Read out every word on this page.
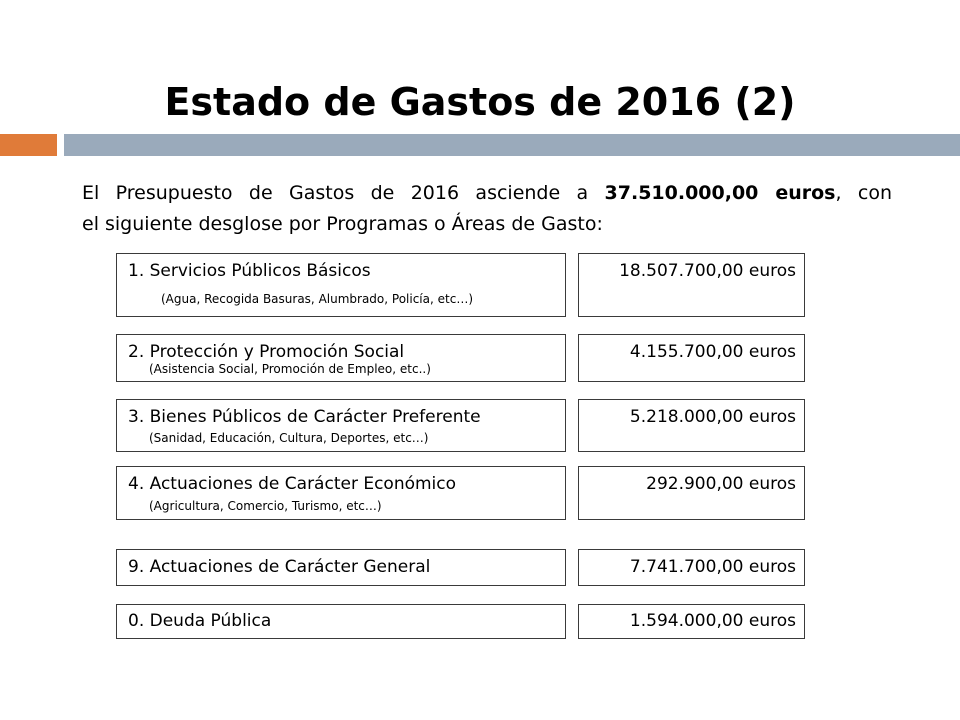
Estado de Gastos de 2016 (2)
El Presupuesto de Gastos de 2016 asciende a 37.510.000,00 euros, con
el siguiente desglose por Programas o Áreas de Gasto:
1. Servicios Públicos Básicos
(Agua, Recogida Basuras, Alumbrado, Policía, etc…)
18.507.700,00 euros
2. Protección y Promoción Social
(Asistencia Social, Promoción de Empleo, etc..)
4.155.700,00 euros
3. Bienes Públicos de Carácter Preferente
(Sanidad, Educación, Cultura, Deportes, etc…)
5.218.000,00 euros
4. Actuaciones de Carácter Económico
(Agricultura, Comercio, Turismo, etc…)
292.900,00 euros
9. Actuaciones de Carácter General	7.741.700,00 euros
0. Deuda Pública	1.594.000,00 euros
